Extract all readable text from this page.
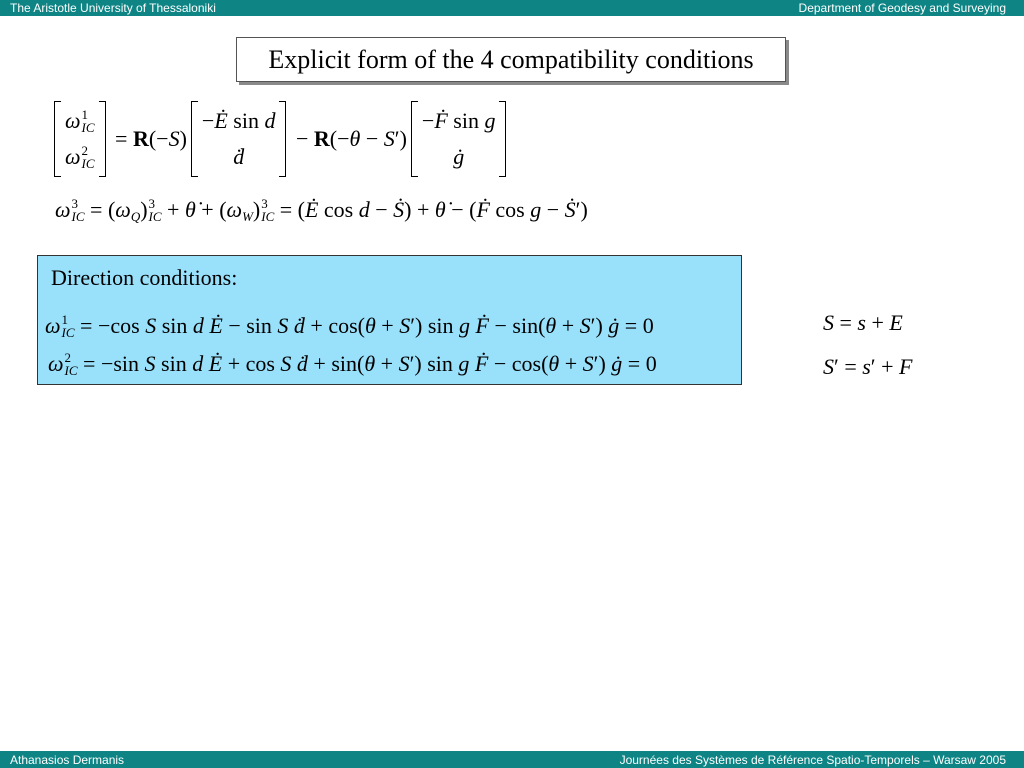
The Aristotle University of Thessaloniki	Department of Geodesy and Surveying
Explicit form of the 4 compatibility conditions
ω 1
IC
ω 2
IC
= R(−S)
− Ė sin d
ḋ
− R(−θ − S′)
− Ḟ sin g
ġ
ω 3
IC = ( ω Q ) 3
IC + θ̇ + ( ω W ) 3
IC = ( Ė cos d − Ṡ ) + θ̇ − ( Ḟ cos g − Ṡ ′)
Direction conditions:
ω 1
IC = −cos S sin d
Ė − sin S
ḋ + cos( θ + S ′) sin g
Ḟ − sin( θ + S ′) ġ = 0
ω 2
IC = −sin S sin d
Ė + cos S
ḋ + sin( θ + S ′) sin g
Ḟ − cos( θ + S ′) ġ = 0
S = s + E
S ′ = s ′ + F
Athanasios Dermanis	Journées des Systèmes de Référence Spatio-Temporels – Warsaw 2005
